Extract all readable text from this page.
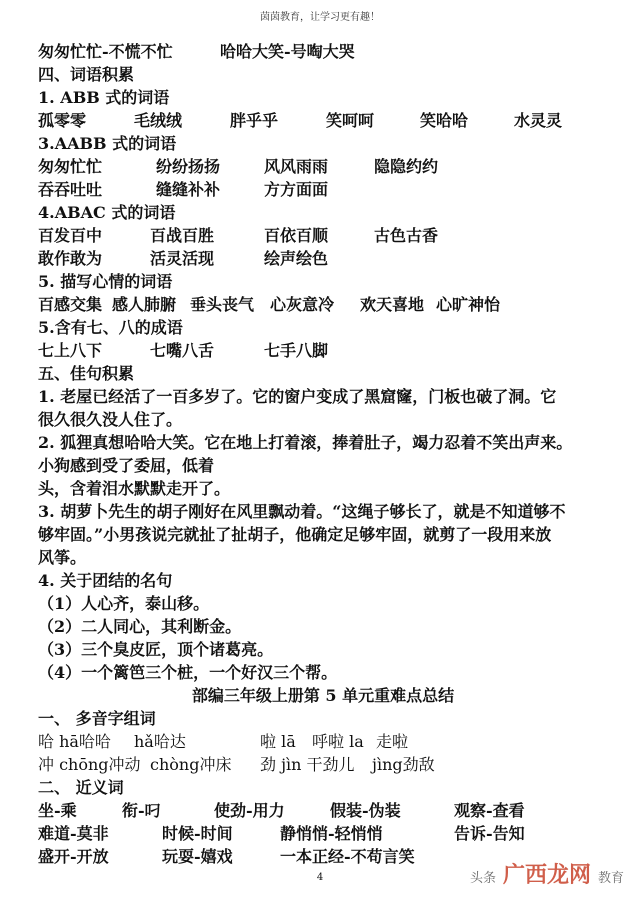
茵茵教育，让学习更有趣！
匆匆忙忙-不慌不忙	哈哈大笑-号啕大哭
四、词语积累
1. ABB 式的词语
孤零零	毛绒绒	胖乎乎	笑呵呵	笑哈哈	水灵灵
3.AABB 式的词语
匆匆忙忙	纷纷扬扬	风风雨雨	隐隐约约
吞吞吐吐	缝缝补补	方方面面
4.ABAC 式的词语
百发百中	百战百胜	百依百顺	古色古香
敢作敢为	活灵活现	绘声绘色
5. 描写心情的词语
百感交集 感人肺腑 垂头丧气 心灰意冷 欢天喜地 心旷神怡
5.含有七、八的成语
七上八下	七嘴八舌	七手八脚
五、佳句积累
1. 老屋已经活了一百多岁了。它的窗户变成了黑窟窿，门板也破了洞。它
很久很久没人住了。
2. 狐狸真想哈哈大笑。它在地上打着滚，捧着肚子，竭力忍着不笑出声来。
小狗感到受了委屈，低着
头，含着泪水默默走开了。
3. 胡萝卜先生的胡子刚好在风里飘动着。“这绳子够长了，就是不知道够不
够牢固。”小男孩说完就扯了扯胡子，他确定足够牢固，就剪了一段用来放
风筝。
4. 关于团结的名句
（1）人心齐，泰山移。
（2）二人同心，其利断金。
（3）三个臭皮匠，顶个诸葛亮。
（4）一个篱笆三个桩，一个好汉三个帮。
部编三年级上册第 5 单元重难点总结
一、 多音字组词
哈 hā哈哈 hǎ哈达	啦 lā 呼啦 la 走啦
冲 chōng冲动 chòng冲床 劲 jìn 干劲儿 jìng劲敌
二、 近义词
坐-乘	衔-叼	使劲-用力	假装-伪装	观察-查看
难道-莫非	时候-时间	静悄悄-轻悄悄	告诉-告知
盛开-开放	玩耍-嬉戏	一本正经-不苟言笑
4	头条 广西龙网 教育
